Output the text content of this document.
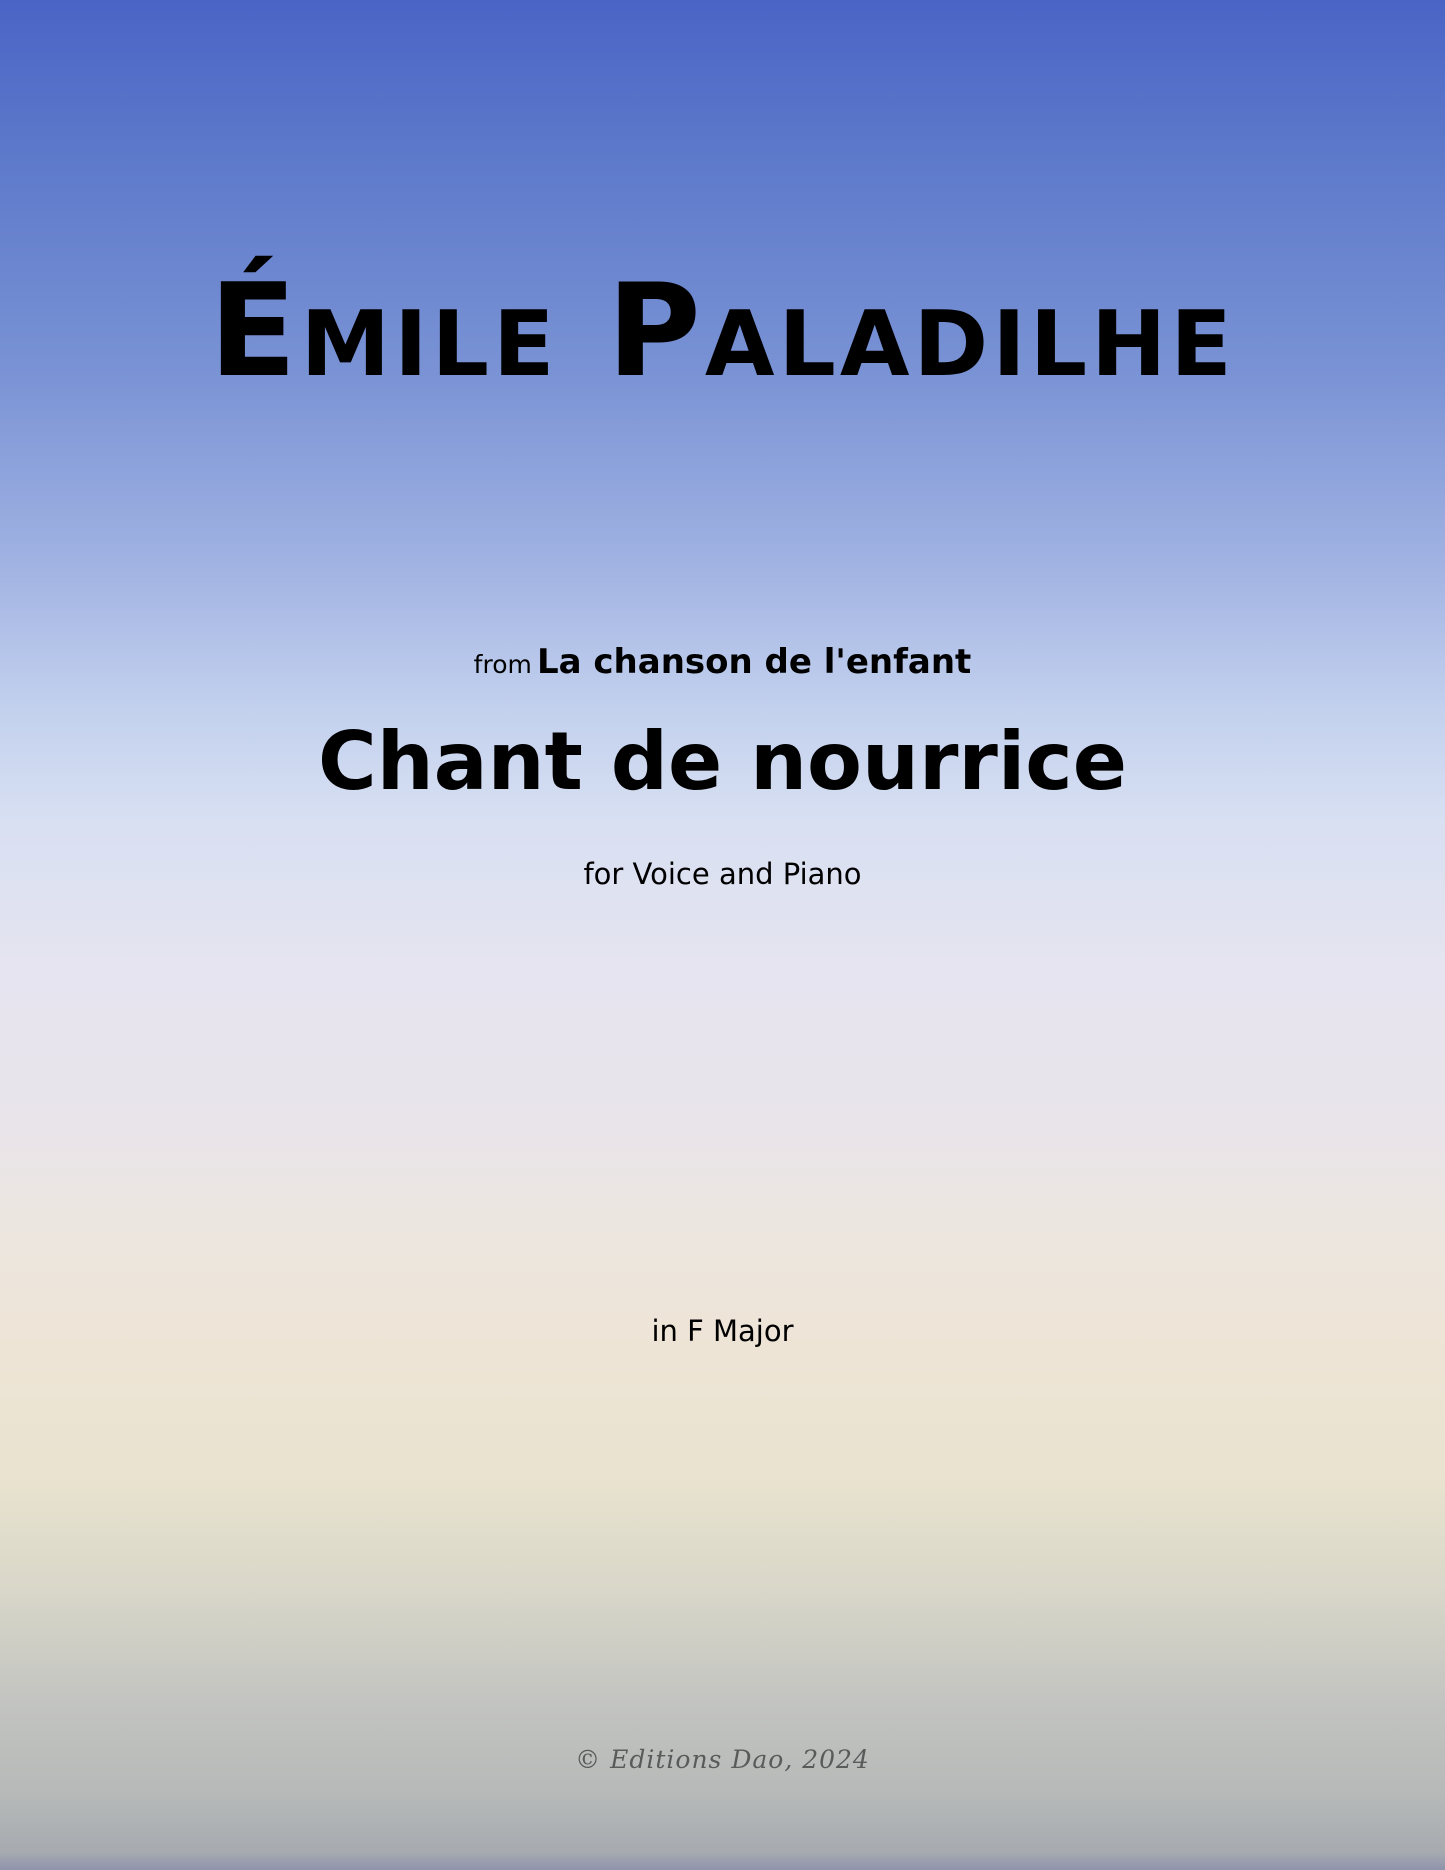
Émile Paladilhe
from La chanson de l'enfant
Chant de nourrice
for Voice and Piano
in F Major
© Editions Dao, 2024
